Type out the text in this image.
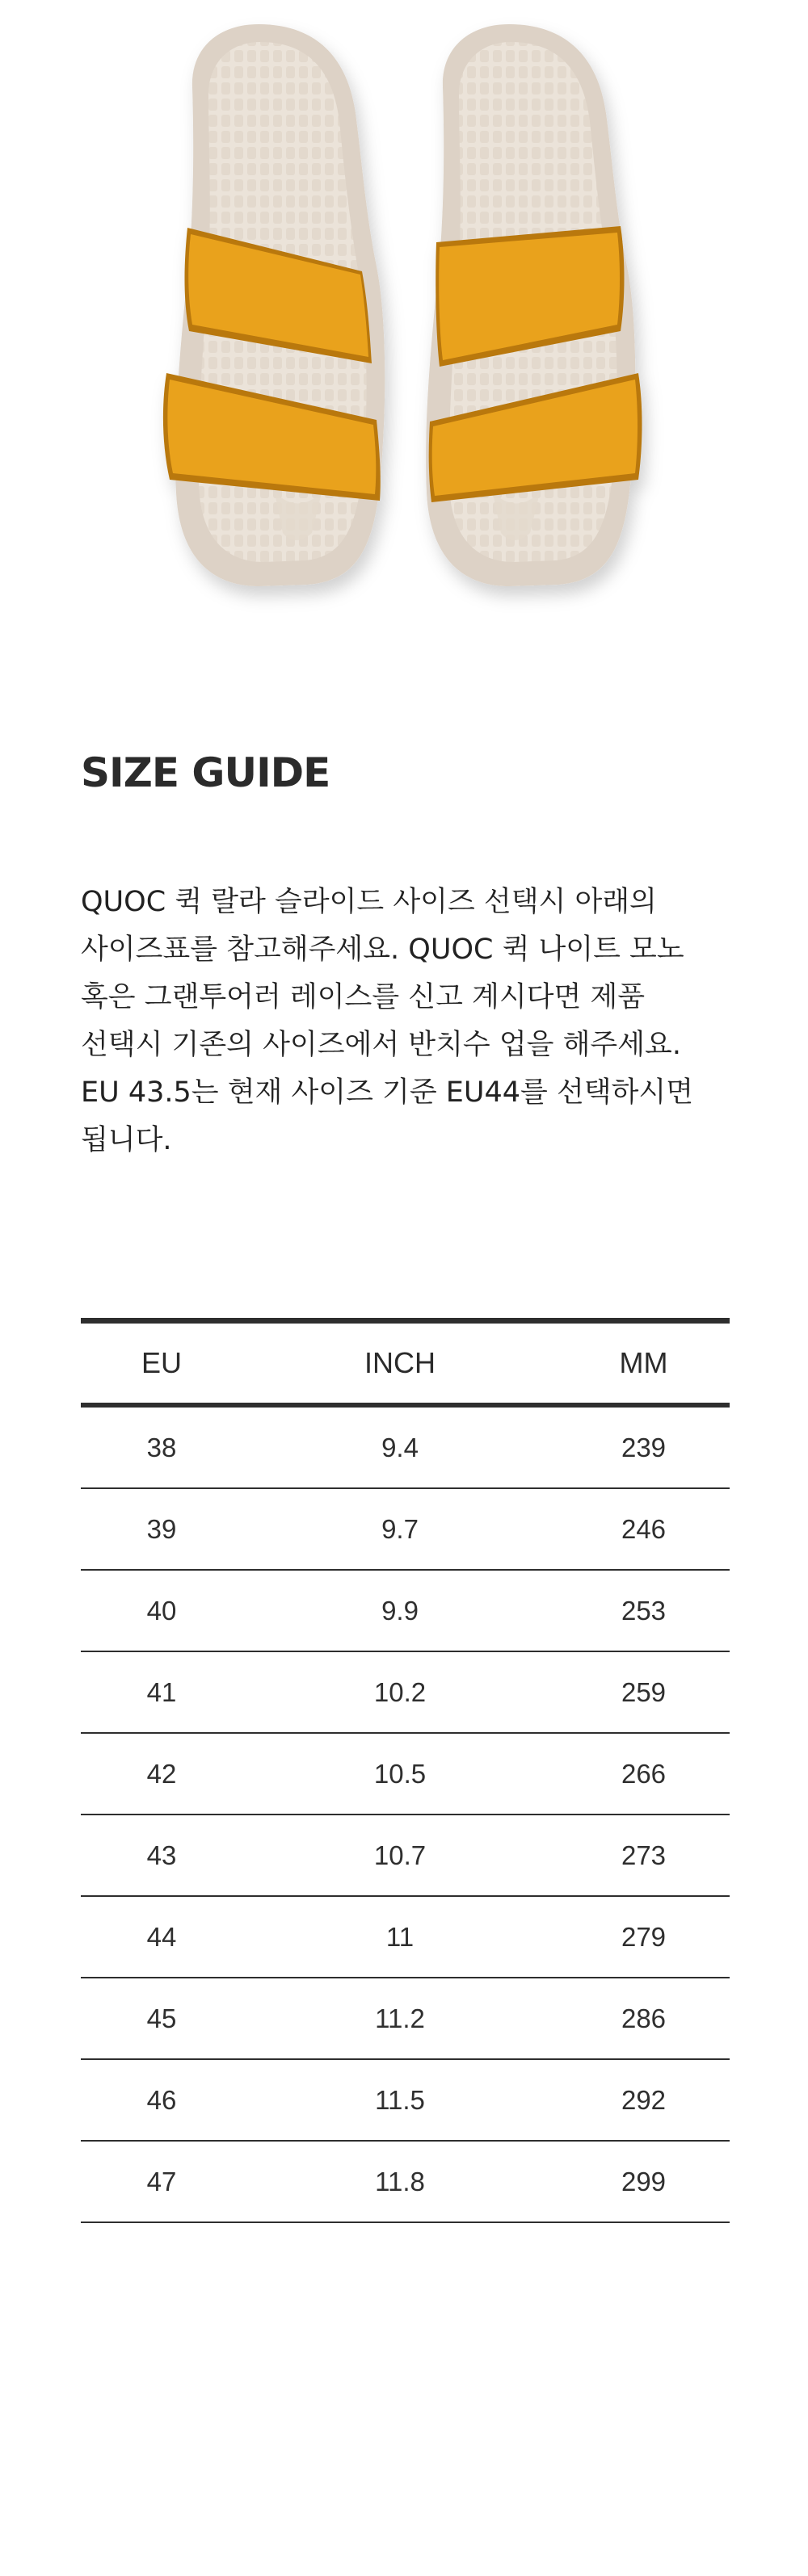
SIZE GUIDE

QUOC 퀵 랄라 슬라이드 사이즈 선택시 아래의
사이즈표를 참고해주세요. QUOC 퀵 나이트 모노
혹은 그랜투어러 레이스를 신고 계시다면 제품
선택시 기존의 사이즈에서 반치수 업을 해주세요.
EU 43.5는 현재 사이즈 기준 EU44를 선택하시면
됩니다.

EU	INCH	MM
38	9.4	239
39	9.7	246
40	9.9	253
41	10.2	259
42	10.5	266
43	10.7	273
44	11	279
45	11.2	286
46	11.5	292
47	11.8	299
